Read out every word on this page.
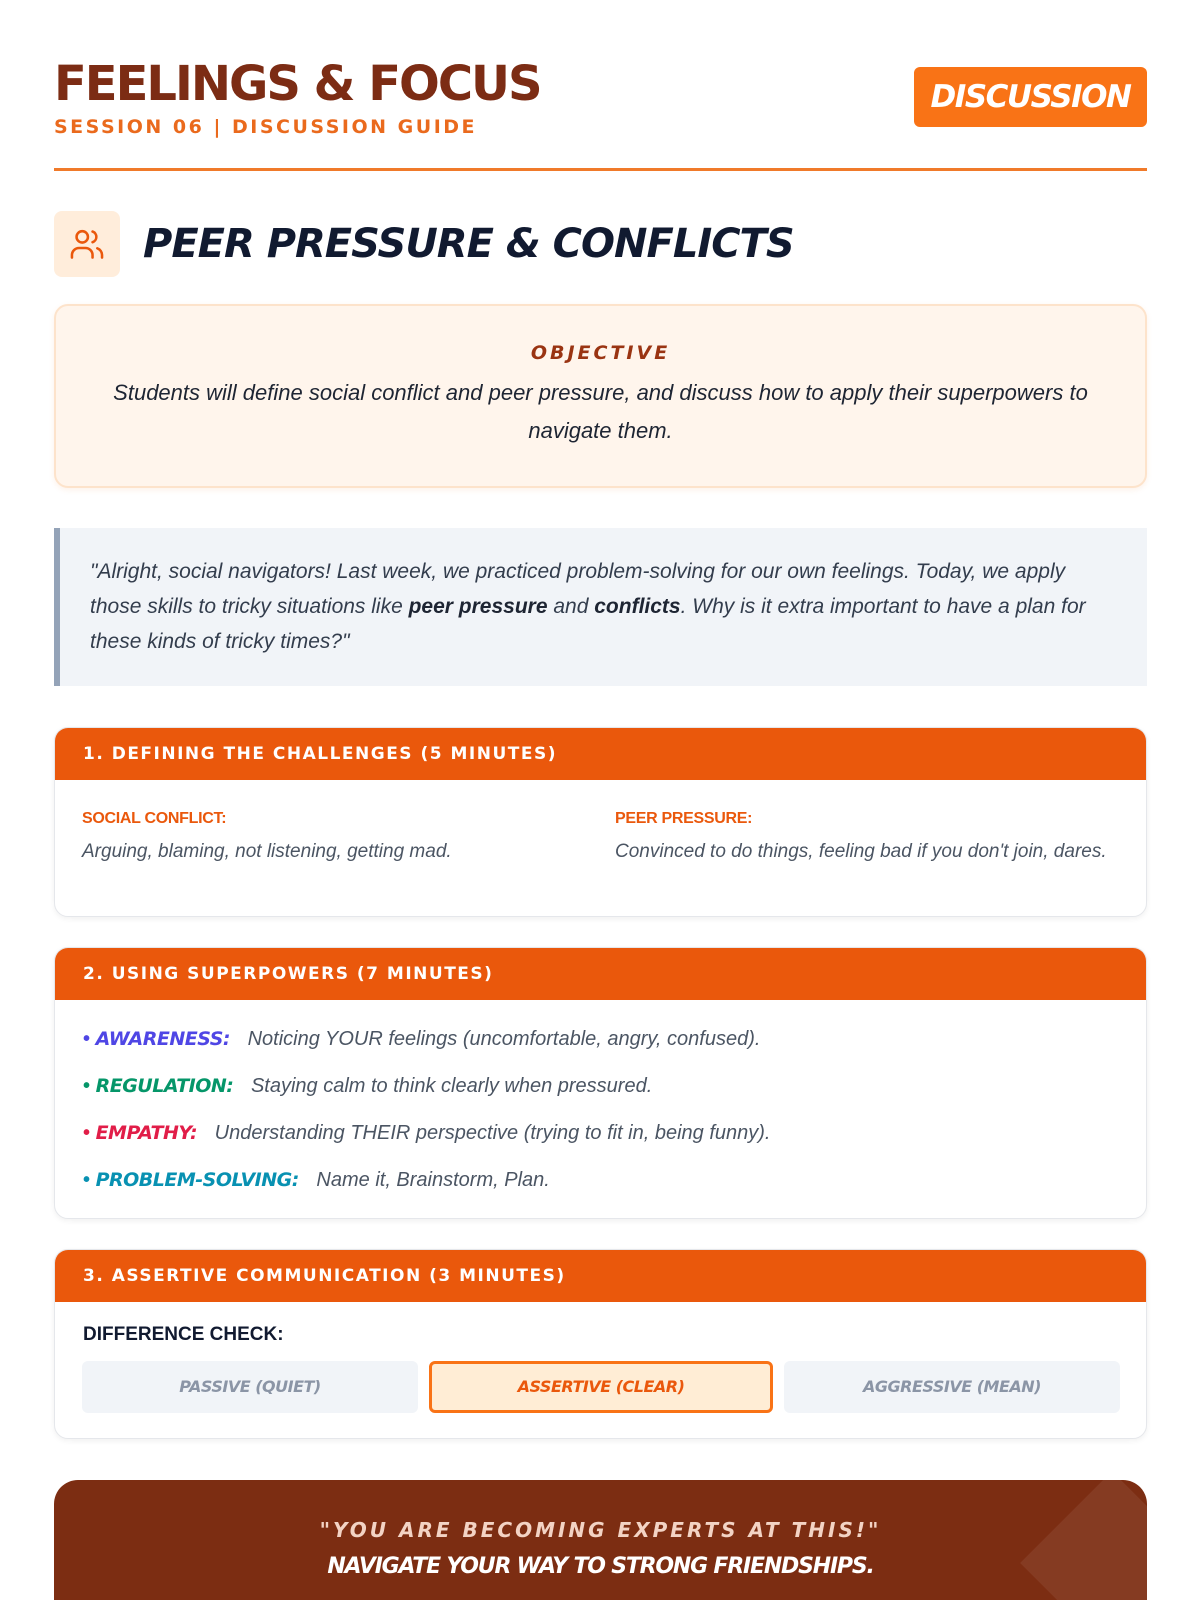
FEELINGS & FOCUS
SESSION 06 | DISCUSSION GUIDE
DISCUSSION
PEER PRESSURE & CONFLICTS
OBJECTIVE
Students will define social conflict and peer pressure, and discuss how to apply their superpowers to navigate them.
"Alright, social navigators! Last week, we practiced problem-solving for our own feelings. Today, we apply those skills to tricky situations like peer pressure and conflicts. Why is it extra important to have a plan for these kinds of tricky times?"
1. DEFINING THE CHALLENGES (5 MINUTES)
SOCIAL CONFLICT:
Arguing, blaming, not listening, getting mad.
PEER PRESSURE:
Convinced to do things, feeling bad if you don't join, dares.
2. USING SUPERPOWERS (7 MINUTES)
• AWARENESS: Noticing YOUR feelings (uncomfortable, angry, confused).
• REGULATION: Staying calm to think clearly when pressured.
• EMPATHY: Understanding THEIR perspective (trying to fit in, being funny).
• PROBLEM-SOLVING: Name it, Brainstorm, Plan.
3. ASSERTIVE COMMUNICATION (3 MINUTES)
DIFFERENCE CHECK:
PASSIVE (QUIET)	ASSERTIVE (CLEAR)	AGGRESSIVE (MEAN)
"YOU ARE BECOMING EXPERTS AT THIS!"
NAVIGATE YOUR WAY TO STRONG FRIENDSHIPS.
